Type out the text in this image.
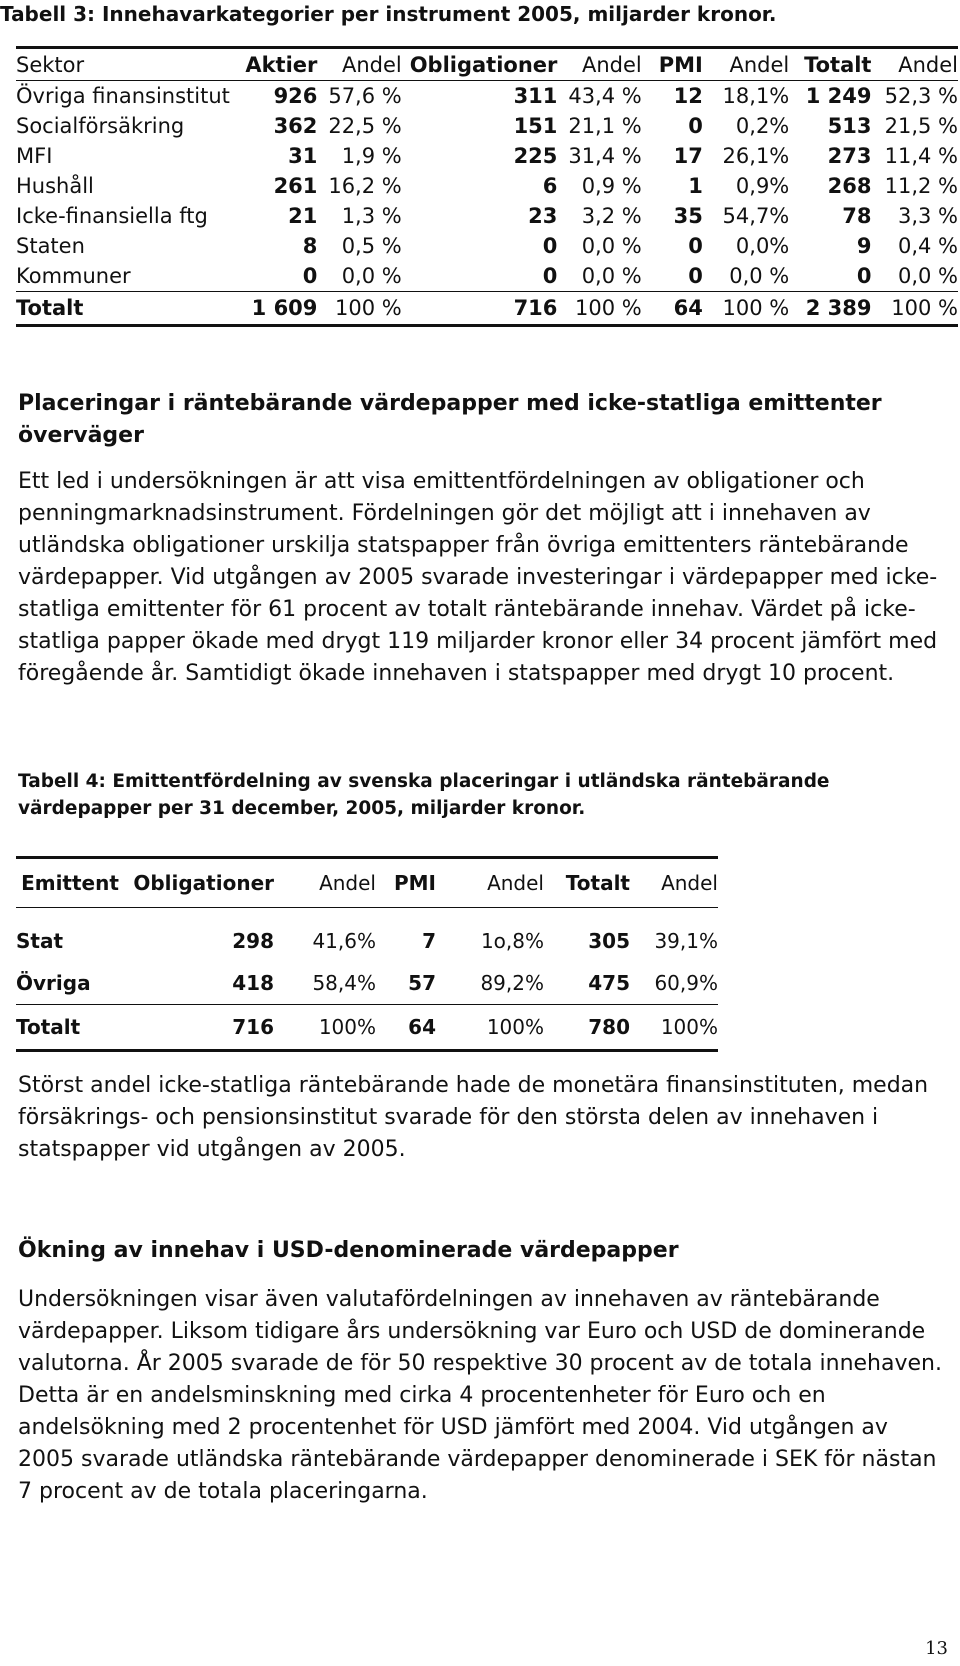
Tabell 3: Innehavarkategorier per instrument 2005, miljarder kronor.
Sektor	Aktier	Andel	Obligationer	Andel	PMI	Andel	Totalt	Andel
Övriga finansinstitut	926	57,6 %	311	43,4 %	12	18,1%	1 249	52,3 %
Socialförsäkring	362	22,5 %	151	21,1 %	0	0,2%	513	21,5 %
MFI	31	1,9 %	225	31,4 %	17	26,1%	273	11,4 %
Hushåll	261	16,2 %	6	0,9 %	1	0,9%	268	11,2 %
Icke-finansiella ftg	21	1,3 %	23	3,2 %	35	54,7%	78	3,3 %
Staten	8	0,5 %	0	0,0 %	0	0,0%	9	0,4 %
Kommuner	0	0,0 %	0	0,0 %	0	0,0 %	0	0,0 %
Totalt	1 609	100 %	716	100 %	64	100 %	2 389	100 %
Placeringar i räntebärande värdepapper med icke-statliga emittenter överväger
Ett led i undersökningen är att visa emittentfördelningen av obligationer och penningmarknadsinstrument. Fördelningen gör det möjligt att i innehaven av utländska obligationer urskilja statspapper från övriga emittenters räntebärande värdepapper. Vid utgången av 2005 svarade investeringar i värdepapper med icke-statliga emittenter för 61 procent av totalt räntebärande innehav. Värdet på icke-statliga papper ökade med drygt 119 miljarder kronor eller 34 procent jämfört med föregående år. Samtidigt ökade innehaven i statspapper med drygt 10 procent.
Tabell 4: Emittentfördelning av svenska placeringar i utländska räntebärande värdepapper per 31 december, 2005, miljarder kronor.
Emittent	Obligationer	Andel	PMI	Andel	Totalt	Andel

Stat	298	41,6%	7	1o,8%	305	39,1%
Övriga	418	58,4%	57	89,2%	475	60,9%
Totalt	716	100%	64	100%	780	100%
Störst andel icke-statliga räntebärande hade de monetära finansinstituten, medan försäkrings- och pensionsinstitut svarade för den största delen av innehaven i statspapper vid utgången av 2005.
Ökning av innehav i USD-denominerade värdepapper
Undersökningen visar även valutafördelningen av innehaven av räntebärande värdepapper. Liksom tidigare års undersökning var Euro och USD de dominerande valutorna. År 2005 svarade de för 50 respektive 30 procent av de totala innehaven. Detta är en andelsminskning med cirka 4 procentenheter för Euro och en andelsökning med 2 procentenhet för USD jämfört med 2004. Vid utgången av 2005 svarade utländska räntebärande värdepapper denominerade i SEK för nästan 7 procent av de totala placeringarna.
13
